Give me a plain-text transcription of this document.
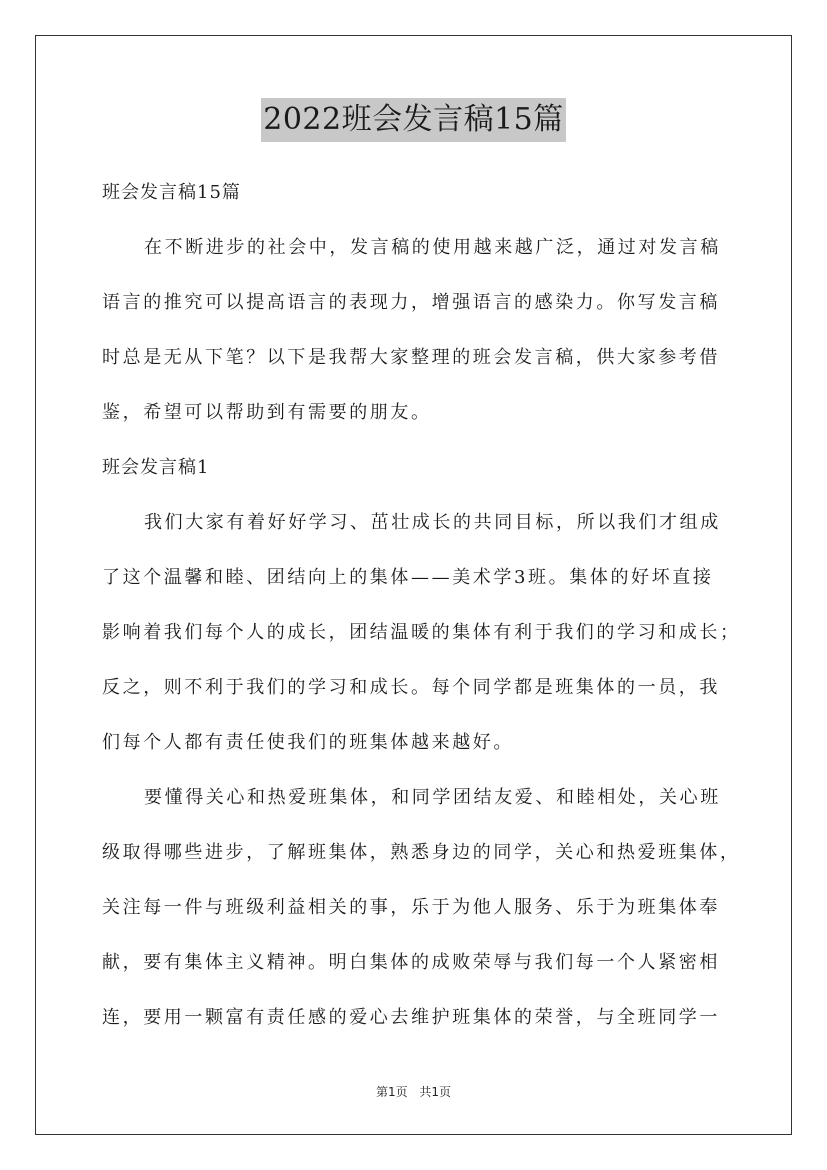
2022班会发言稿15篇
班会发言稿15篇
在不断进步的社会中，发言稿的使用越来越广泛，通过对发言稿
语言的推究可以提高语言的表现力，增强语言的感染力。你写发言稿
时总是无从下笔？以下是我帮大家整理的班会发言稿，供大家参考借
鉴，希望可以帮助到有需要的朋友。
班会发言稿1
我们大家有着好好学习、茁壮成长的共同目标，所以我们才组成
了这个温馨和睦、团结向上的集体——美术学3班。集体的好坏直接
影响着我们每个人的成长，团结温暖的集体有利于我们的学习和成长；
反之，则不利于我们的学习和成长。每个同学都是班集体的一员，我
们每个人都有责任使我们的班集体越来越好。
要懂得关心和热爱班集体，和同学团结友爱、和睦相处，关心班
级取得哪些进步，了解班集体，熟悉身边的同学，关心和热爱班集体，
关注每一件与班级利益相关的事，乐于为他人服务、乐于为班集体奉
献，要有集体主义精神。明白集体的成败荣辱与我们每一个人紧密相
连，要用一颗富有责任感的爱心去维护班集体的荣誉，与全班同学一
第1页 共1页
